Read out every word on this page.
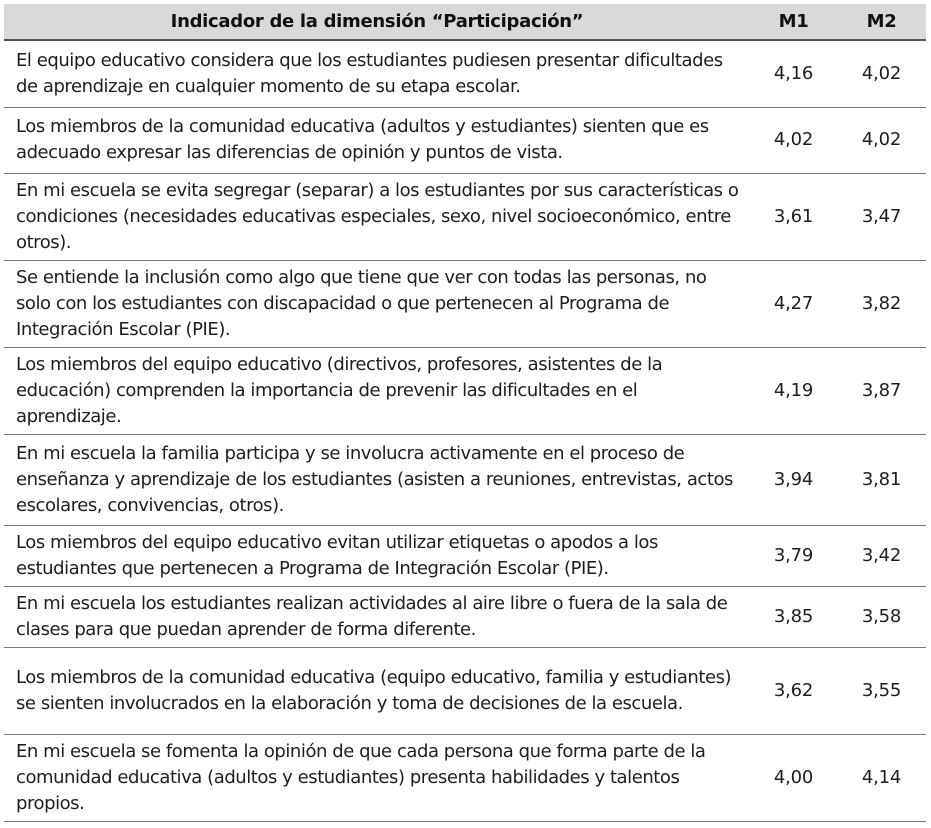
Indicador de la dimensión “Participación”	M1	M2
El equipo educativo considera que los estudiantes pudiesen presentar dificultades de aprendizaje en cualquier momento de su etapa escolar.	4,16	4,02
Los miembros de la comunidad educativa (adultos y estudiantes) sienten que es adecuado expresar las diferencias de opinión y puntos de vista.	4,02	4,02
En mi escuela se evita segregar (separar) a los estudiantes por sus características o condiciones (necesidades educativas especiales, sexo, nivel socioeconómico, entre otros).	3,61	3,47
Se entiende la inclusión como algo que tiene que ver con todas las personas, no solo con los estudiantes con discapacidad o que pertenecen al Programa de Integración Escolar (PIE).	4,27	3,82
Los miembros del equipo educativo (directivos, profesores, asistentes de la educación) comprenden la importancia de prevenir las dificultades en el aprendizaje.	4,19	3,87
En mi escuela la familia participa y se involucra activamente en el proceso de enseñanza y aprendizaje de los estudiantes (asisten a reuniones, entrevistas, actos escolares, convivencias, otros).	3,94	3,81
Los miembros del equipo educativo evitan utilizar etiquetas o apodos a los estudiantes que pertenecen a Programa de Integración Escolar (PIE).	3,79	3,42
En mi escuela los estudiantes realizan actividades al aire libre o fuera de la sala de clases para que puedan aprender de forma diferente.	3,85	3,58
Los miembros de la comunidad educativa (equipo educativo, familia y estudiantes) se sienten involucrados en la elaboración y toma de decisiones de la escuela.	3,62	3,55
En mi escuela se fomenta la opinión de que cada persona que forma parte de la comunidad educativa (adultos y estudiantes) presenta habilidades y talentos propios.	4,00	4,14
